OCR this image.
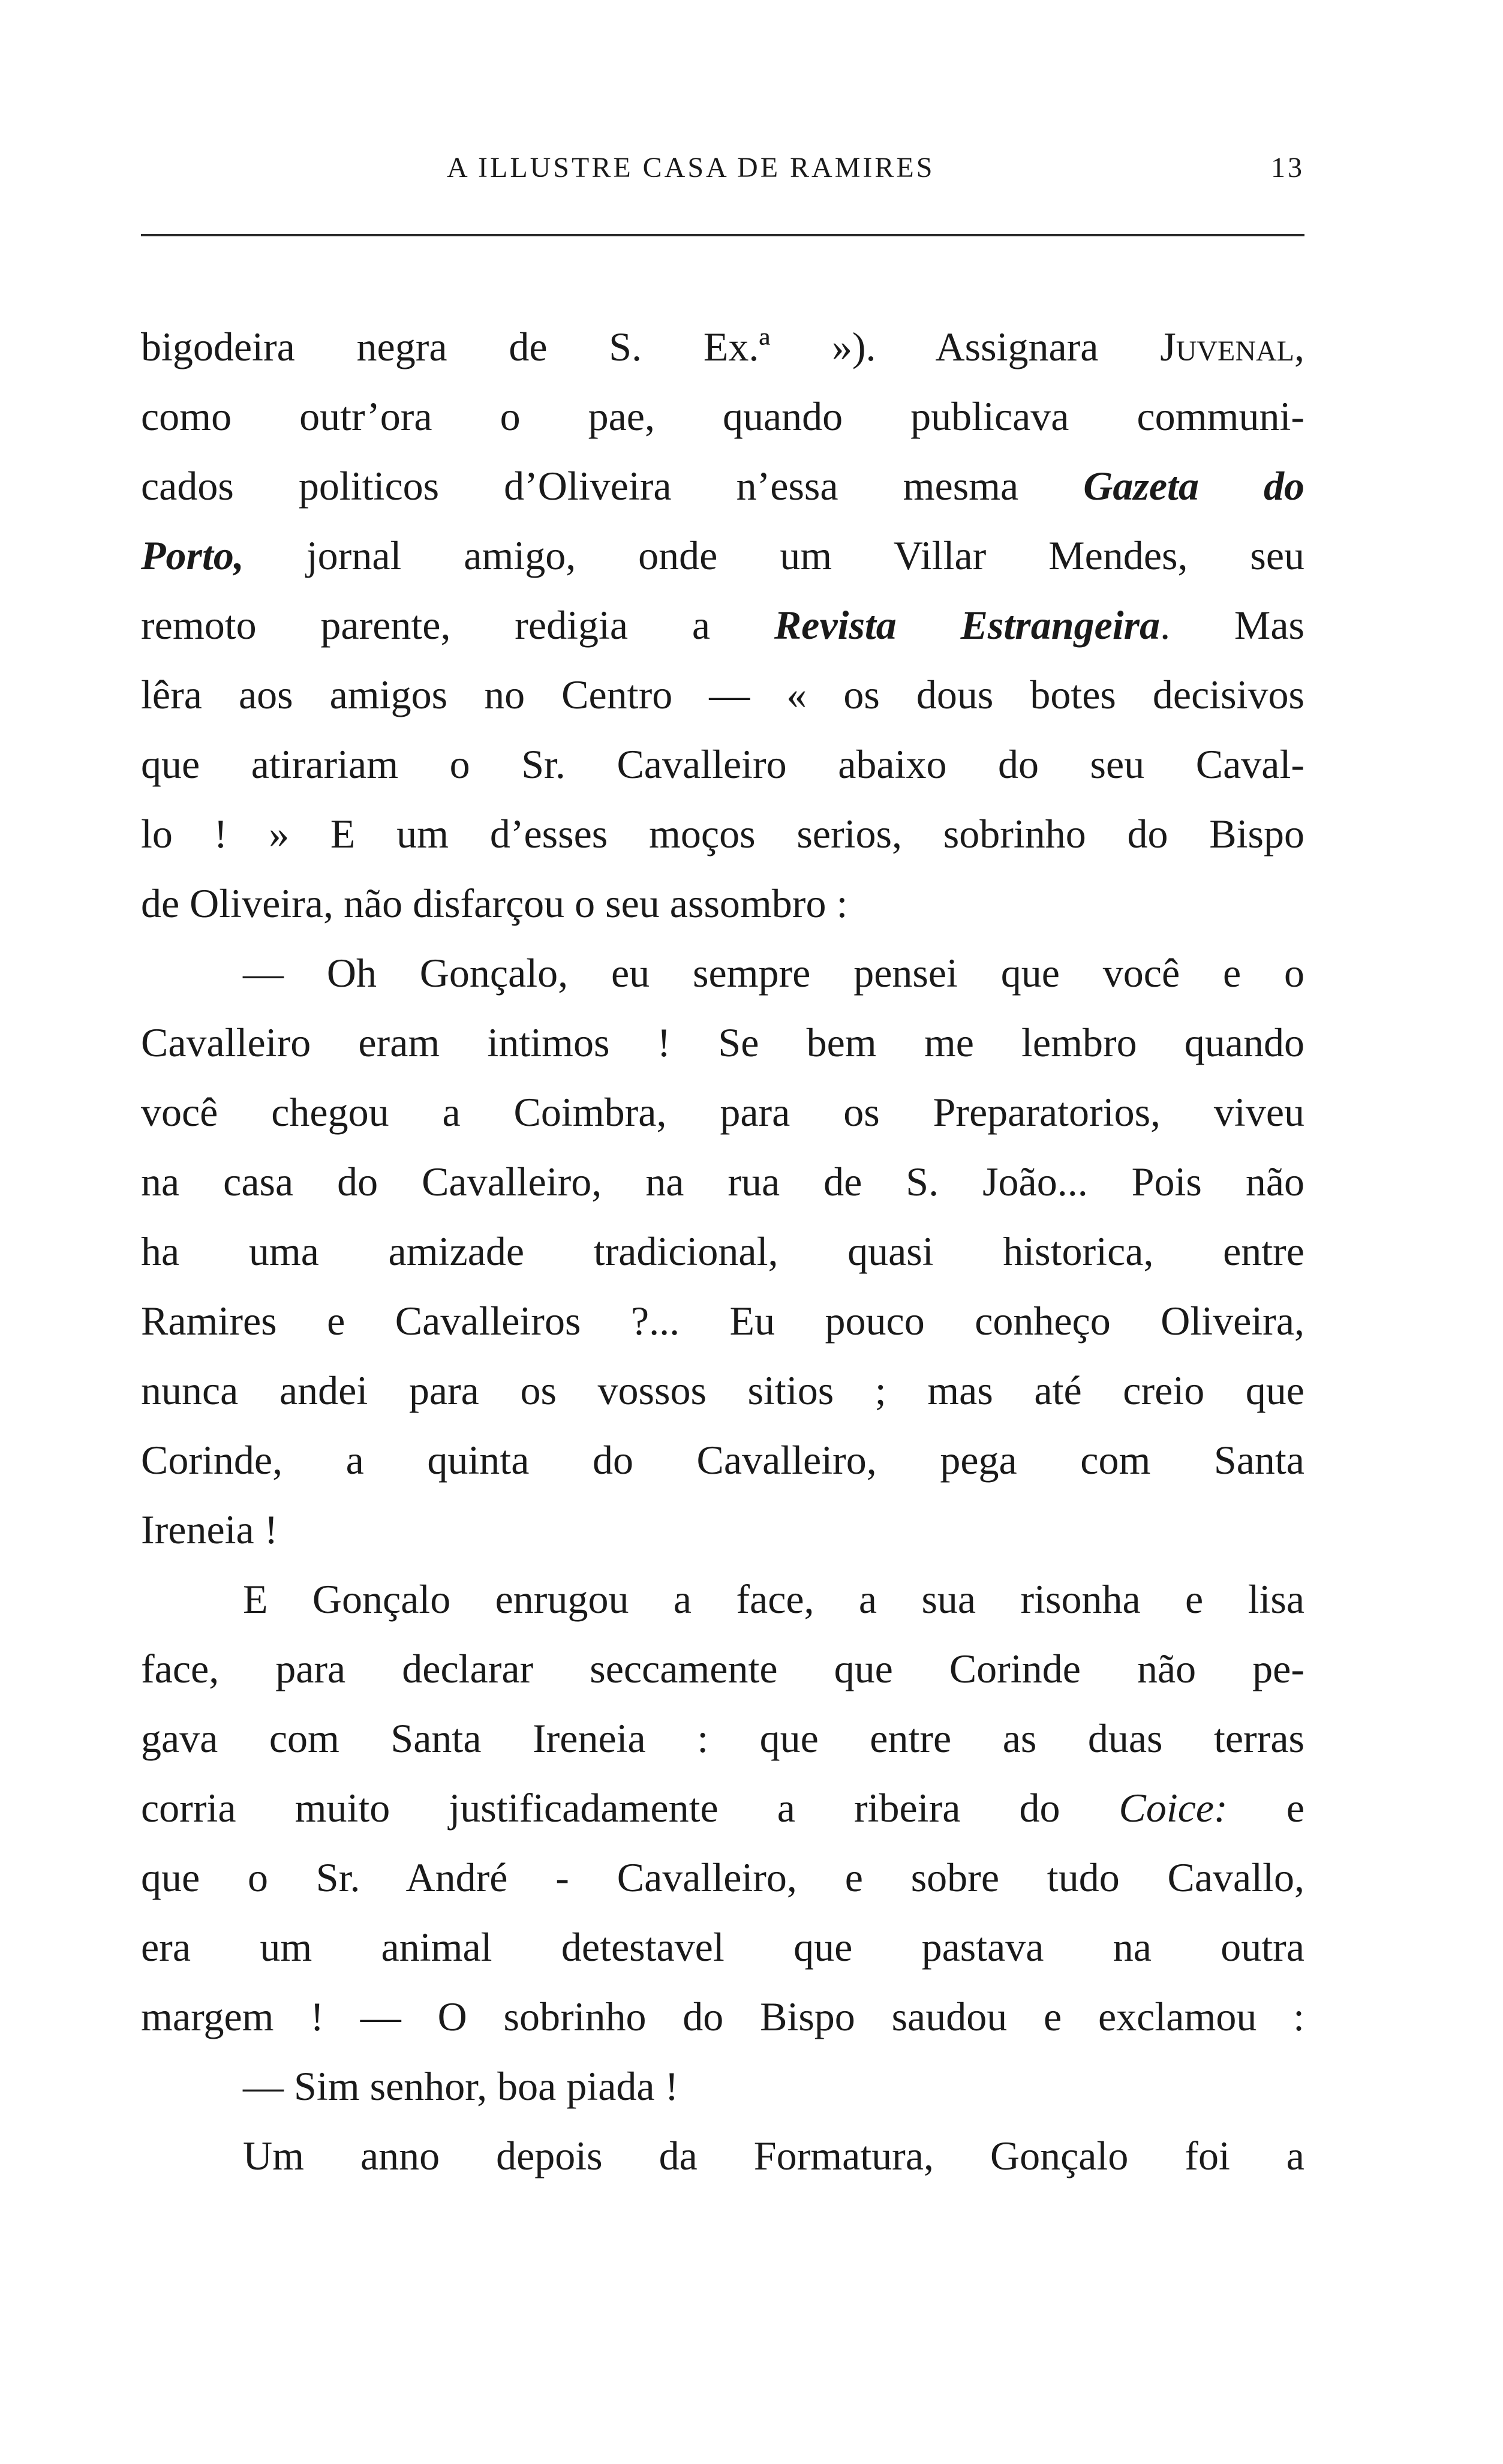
A ILLUSTRE CASA DE RAMIRES	13
bigodeira negra de S. Ex.ª »). Assignara Juvenal,
como outr’ora o pae, quando publicava communi-
cados politicos d’Oliveira n’essa mesma Gazeta do
Porto, jornal amigo, onde um Villar Mendes, seu
remoto parente, redigia a Revista Estrangeira. Mas
lêra aos amigos no Centro — « os dous botes decisivos
que atirariam o Sr. Cavalleiro abaixo do seu Caval-
lo ! » E um d’esses moços serios, sobrinho do Bispo
de Oliveira, não disfarçou o seu assombro :
— Oh Gonçalo, eu sempre pensei que você e o
Cavalleiro eram intimos ! Se bem me lembro quando
você chegou a Coimbra, para os Preparatorios, viveu
na casa do Cavalleiro, na rua de S. João... Pois não
ha uma amizade tradicional, quasi historica, entre
Ramires e Cavalleiros ?... Eu pouco conheço Oliveira,
nunca andei para os vossos sitios ; mas até creio que
Corinde, a quinta do Cavalleiro, pega com Santa
Ireneia !
E Gonçalo enrugou a face, a sua risonha e lisa
face, para declarar seccamente que Corinde não pe-
gava com Santa Ireneia : que entre as duas terras
corria muito justificadamente a ribeira do Coice: e
que o Sr. André - Cavalleiro, e sobre tudo Cavallo,
era um animal detestavel que pastava na outra
margem ! — O sobrinho do Bispo saudou e exclamou :
— Sim senhor, boa piada !
Um anno depois da Formatura, Gonçalo foi a
